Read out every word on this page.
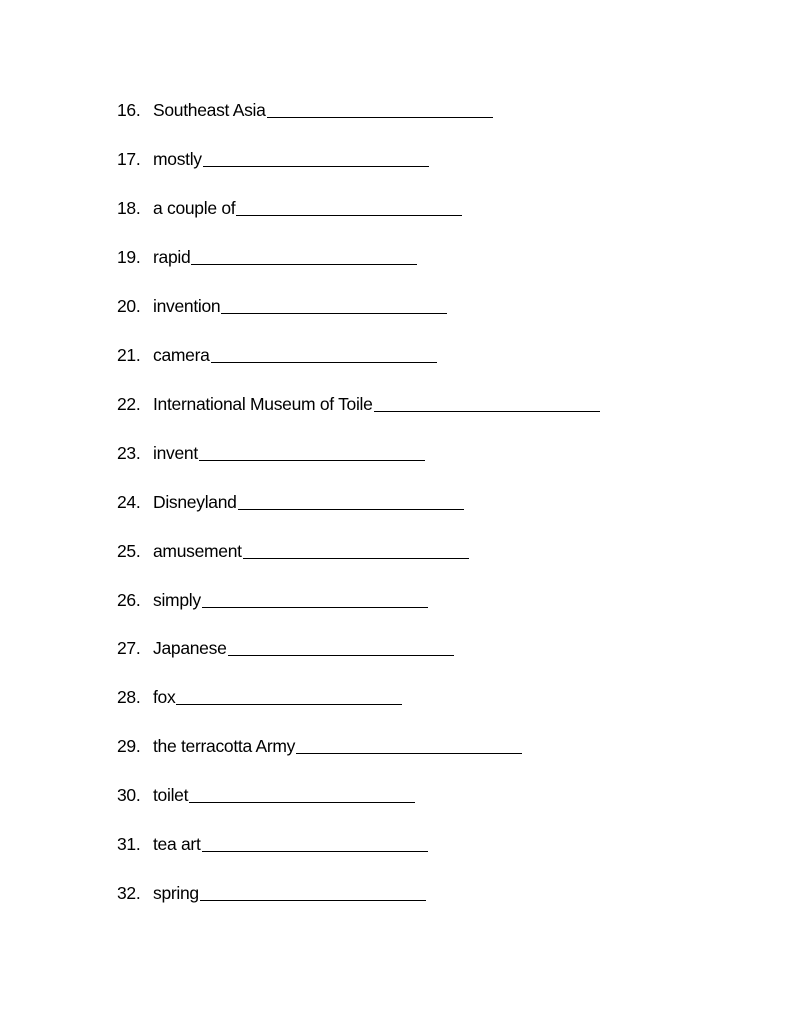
16. Southeast Asia
17. mostly
18. a couple of
19. rapid
20. invention
21. camera
22. International Museum of Toile
23. invent
24. Disneyland
25. amusement
26. simply
27. Japanese
28. fox
29. the terracotta Army
30. toilet
31. tea art
32. spring
